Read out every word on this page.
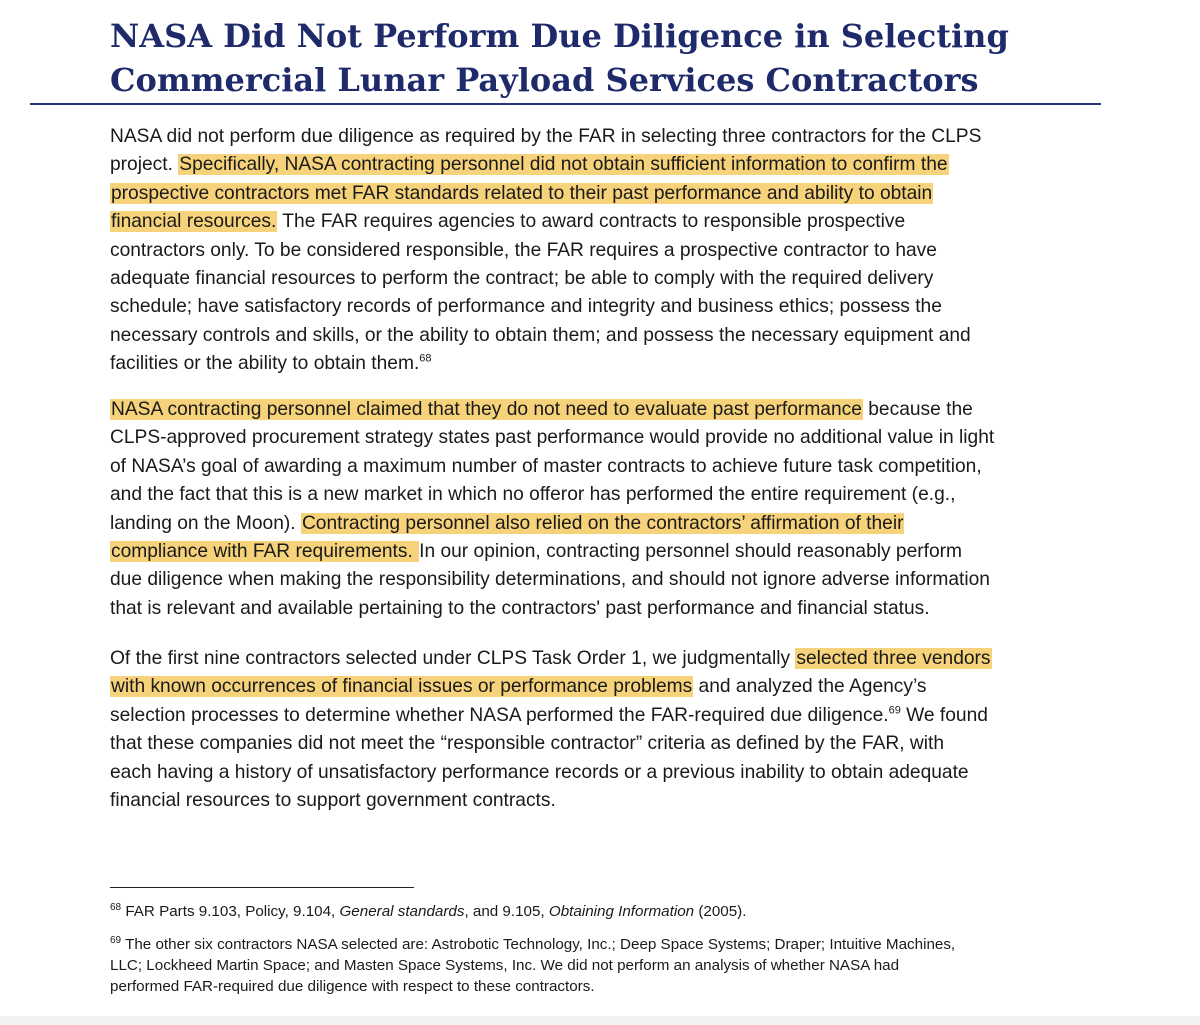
NASA Did Not Perform Due Diligence in Selecting
Commercial Lunar Payload Services Contractors
NASA did not perform due diligence as required by the FAR in selecting three contractors for the CLPS
project. Specifically, NASA contracting personnel did not obtain sufficient information to confirm the
prospective contractors met FAR standards related to their past performance and ability to obtain
financial resources. The FAR requires agencies to award contracts to responsible prospective
contractors only. To be considered responsible, the FAR requires a prospective contractor to have
adequate financial resources to perform the contract; be able to comply with the required delivery
schedule; have satisfactory records of performance and integrity and business ethics; possess the
necessary controls and skills, or the ability to obtain them; and possess the necessary equipment and
facilities or the ability to obtain them.$^{68}$
NASA contracting personnel claimed that they do not need to evaluate past performance because the
CLPS-approved procurement strategy states past performance would provide no additional value in light
of NASA’s goal of awarding a maximum number of master contracts to achieve future task competition,
and the fact that this is a new market in which no offeror has performed the entire requirement (e.g.,
landing on the Moon). Contracting personnel also relied on the contractors’ affirmation of their
compliance with FAR requirements. In our opinion, contracting personnel should reasonably perform
due diligence when making the responsibility determinations, and should not ignore adverse information
that is relevant and available pertaining to the contractors' past performance and financial status.
Of the first nine contractors selected under CLPS Task Order 1, we judgmentally selected three vendors
with known occurrences of financial issues or performance problems and analyzed the Agency’s
selection processes to determine whether NASA performed the FAR-required due diligence.$^{69}$ We found
that these companies did not meet the “responsible contractor” criteria as defined by the FAR, with
each having a history of unsatisfactory performance records or a previous inability to obtain adequate
financial resources to support government contracts.
$^{68}$ FAR Parts 9.103, Policy, 9.104, General standards, and 9.105, Obtaining Information (2005).
$^{69}$ The other six contractors NASA selected are: Astrobotic Technology, Inc.; Deep Space Systems; Draper; Intuitive Machines,
LLC; Lockheed Martin Space; and Masten Space Systems, Inc. We did not perform an analysis of whether NASA had
performed FAR-required due diligence with respect to these contractors.
